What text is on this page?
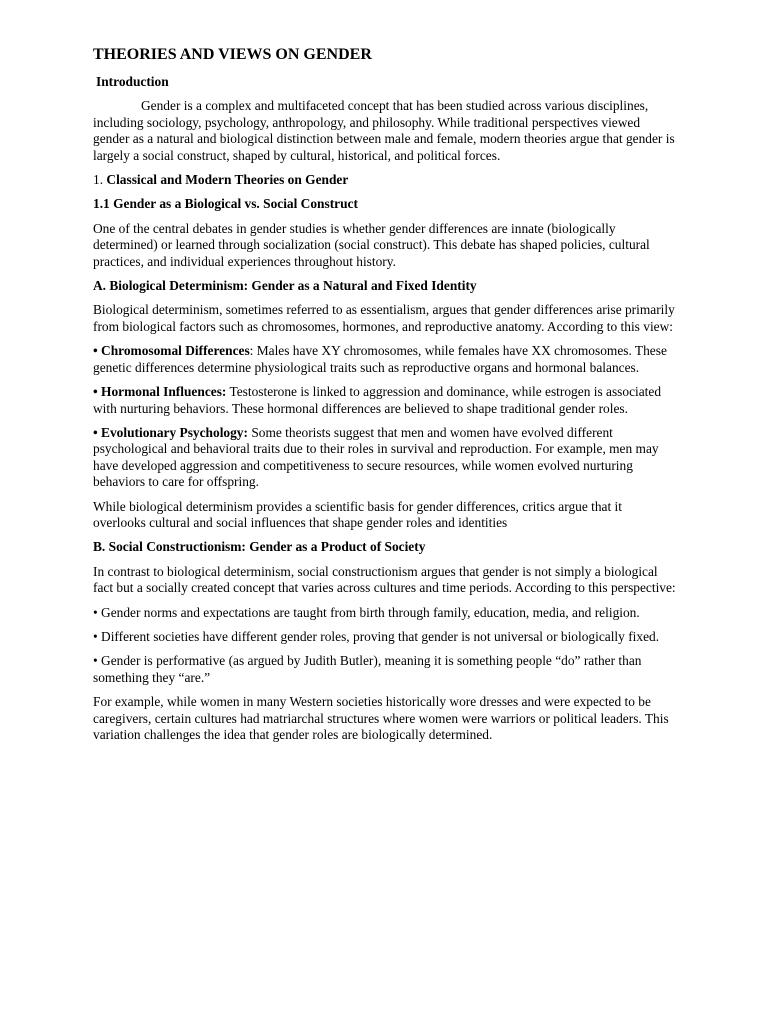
THEORIES AND VIEWS ON GENDER
Introduction

Gender is a complex and multifaceted concept that has been studied across various disciplines, including sociology, psychology, anthropology, and philosophy. While traditional perspectives viewed gender as a natural and biological distinction between male and female, modern theories argue that gender is largely a social construct, shaped by cultural, historical, and political forces.

1. Classical and Modern Theories on Gender
1.1 Gender as a Biological vs. Social Construct

One of the central debates in gender studies is whether gender differences are innate (biologically determined) or learned through socialization (social construct). This debate has shaped policies, cultural practices, and individual experiences throughout history.

A. Biological Determinism: Gender as a Natural and Fixed Identity

Biological determinism, sometimes referred to as essentialism, argues that gender differences arise primarily from biological factors such as chromosomes, hormones, and reproductive anatomy. According to this view:

• Chromosomal Differences: Males have XY chromosomes, while females have XX chromosomes. These genetic differences determine physiological traits such as reproductive organs and hormonal balances.

• Hormonal Influences: Testosterone is linked to aggression and dominance, while estrogen is associated with nurturing behaviors. These hormonal differences are believed to shape traditional gender roles.

• Evolutionary Psychology: Some theorists suggest that men and women have evolved different psychological and behavioral traits due to their roles in survival and reproduction. For example, men may have developed aggression and competitiveness to secure resources, while women evolved nurturing behaviors to care for offspring.

While biological determinism provides a scientific basis for gender differences, critics argue that it overlooks cultural and social influences that shape gender roles and identities

B. Social Constructionism: Gender as a Product of Society

In contrast to biological determinism, social constructionism argues that gender is not simply a biological fact but a socially created concept that varies across cultures and time periods. According to this perspective:

• Gender norms and expectations are taught from birth through family, education, media, and religion.

• Different societies have different gender roles, proving that gender is not universal or biologically fixed.

• Gender is performative (as argued by Judith Butler), meaning it is something people “do” rather than something they “are.”

For example, while women in many Western societies historically wore dresses and were expected to be caregivers, certain cultures had matriarchal structures where women were warriors or political leaders. This variation challenges the idea that gender roles are biologically determined.
